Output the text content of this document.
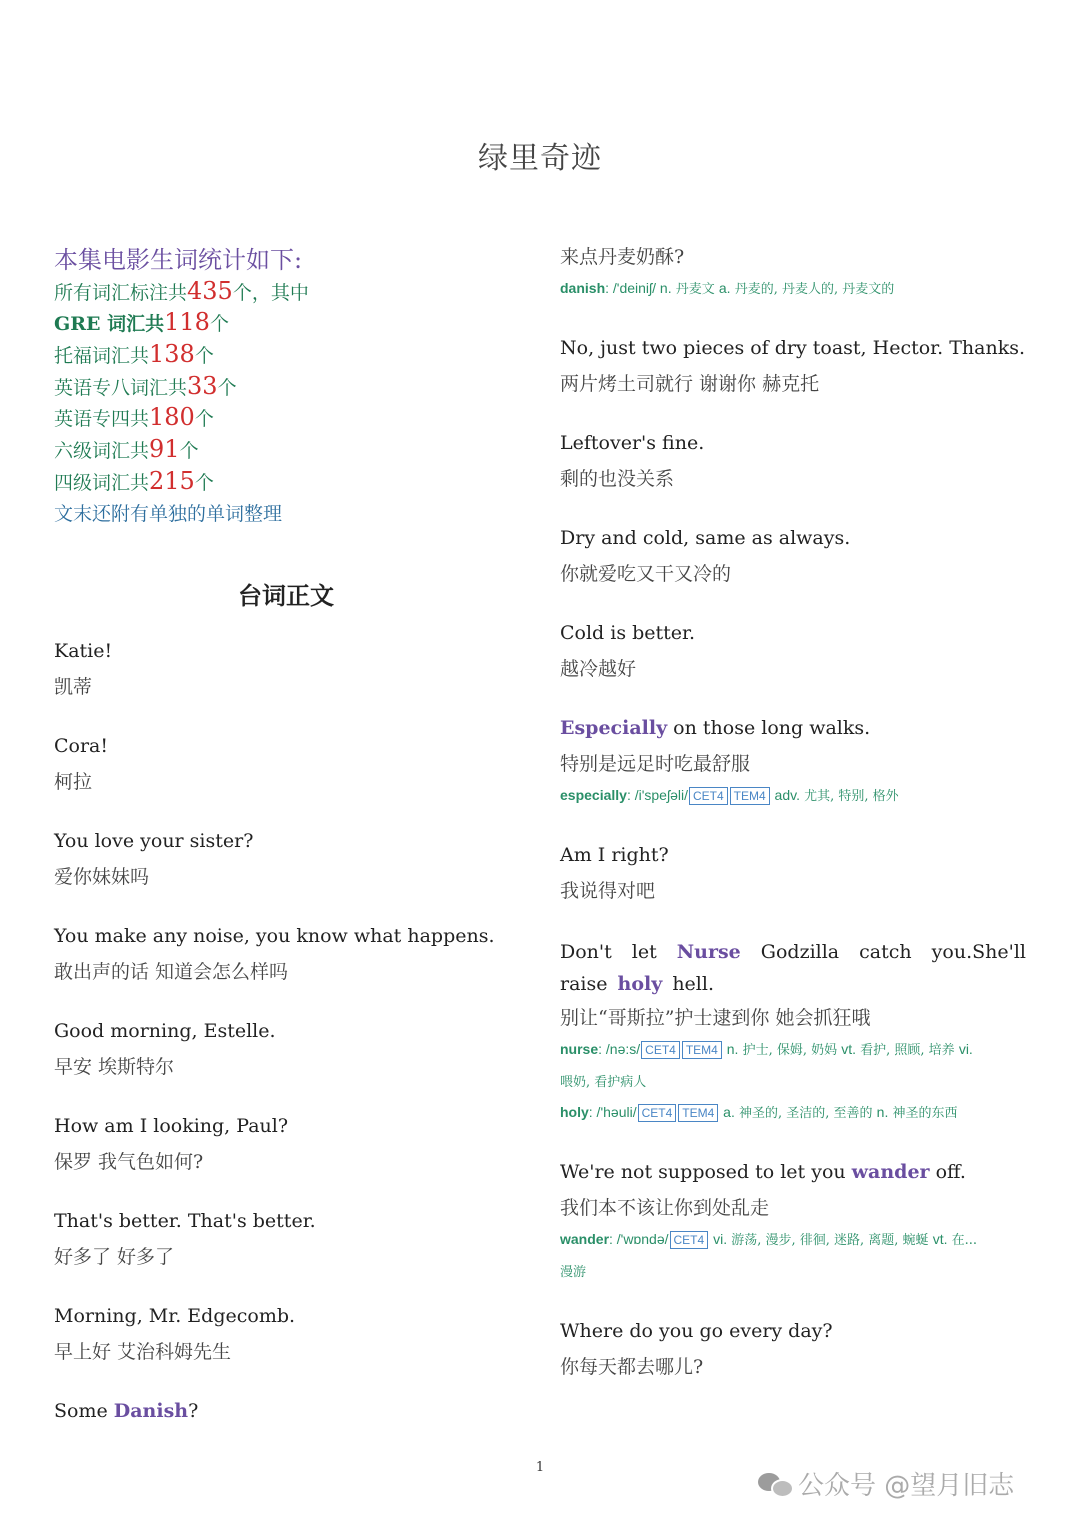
绿里奇迹
本集电影生词统计如下:
所有词汇标注共435个，其中
GRE 词汇共118个
托福词汇共138个
英语专八词汇共33个
英语专四共180个
六级词汇共91个
四级词汇共215个
文末还附有单独的单词整理
台词正文
Katie!
凯蒂
Cora!
柯拉
You love your sister?
爱你妹妹吗
You make any noise, you know what happens.
敢出声的话 知道会怎么样吗
Good morning, Estelle.
早安 埃斯特尔
How am I looking, Paul?
保罗 我气色如何?
That's better. That's better.
好多了 好多了
Morning, Mr. Edgecomb.
早上好 艾治科姆先生
Some Danish?
来点丹麦奶酥?
danish: /'deiniʃ/ n. 丹麦文 a. 丹麦的, 丹麦人的, 丹麦文的
No, just two pieces of dry toast, Hector. Thanks.
两片烤土司就行 谢谢你 赫克托
Leftover's fine.
剩的也没关系
Dry and cold, same as always.
你就爱吃又干又冷的
Cold is better.
越冷越好
Especially on those long walks.
特别是远足时吃最舒服
especially: /i'speʃəli/ CET4 TEM4 adv. 尤其, 特别, 格外
Am I right?
我说得对吧
Don't let Nurse Godzilla catch you.She'll raise holy hell.
别让“哥斯拉”护士逮到你 她会抓狂哦
nurse: /nə:s/ CET4 TEM4 n. 护士, 保姆, 奶妈 vt. 看护, 照顾, 培养 vi.
喂奶, 看护病人
holy: /'həuli/ CET4 TEM4 a. 神圣的, 圣洁的, 至善的 n. 神圣的东西
We're not supposed to let you wander off.
我们本不该让你到处乱走
wander: /'wɒndə/ CET4 vi. 游荡, 漫步, 徘徊, 迷路, 离题, 蜿蜒 vt. 在...
漫游
Where do you go every day?
你每天都去哪儿?
1
公众号 @望月旧志
